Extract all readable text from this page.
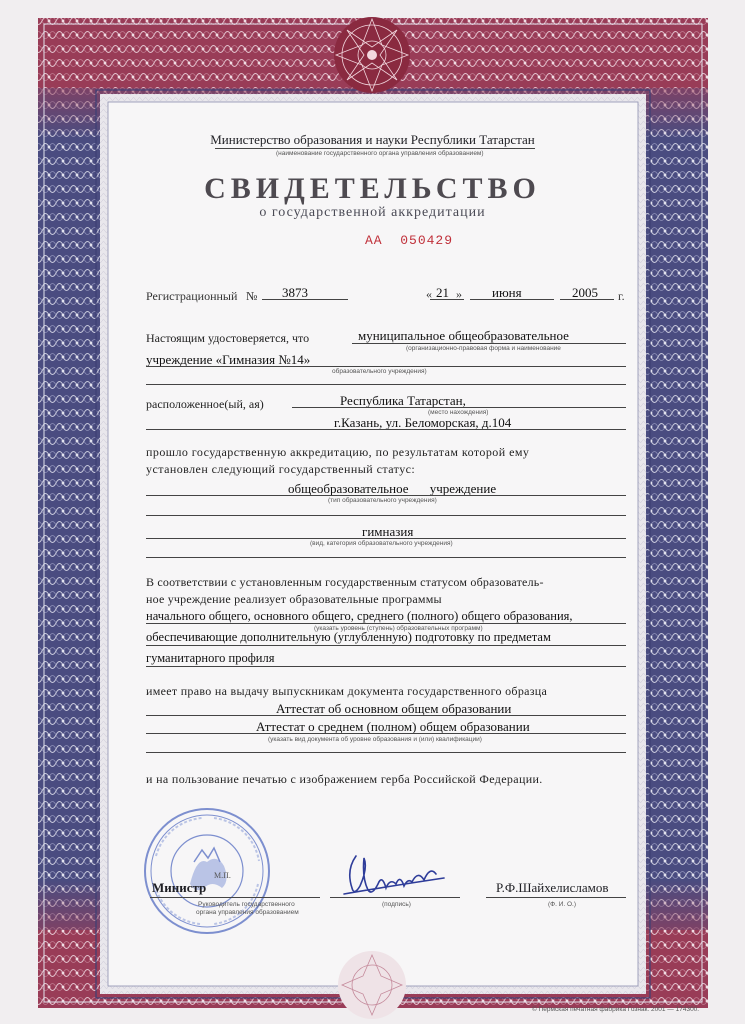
Министерство образования и науки Республики Татарстан
(наименование государственного органа управления образованием)
СВИДЕТЕЛЬСТВО
о государственной аккредитации
АА 050429
Регистрационный № 3873	« 21 » июня	2005 г.
Настоящим удостоверяется, что	муниципальное общеобразовательное
(организационно-правовая форма и наименование
учреждение «Гимназия №14»
образовательного учреждения)
расположенное(ый, ая)	Республика Татарстан,
(место нахождения)
г.Казань, ул. Беломорская, д.104
прошло государственную аккредитацию, по результатам которой ему
установлен следующий государственный статус:
общеобразовательное учреждение
(тип образовательного учреждения)
гимназия
(вид, категория образовательного учреждения)
В соответствии с установленным государственным статусом образователь-
ное учреждение реализует образовательные программы
начального общего, основного общего, среднего (полного) общего образования,
(указать уровень (ступень) образовательных программ)
обеспечивающие дополнительную (углубленную) подготовку по предметам
гуманитарного профиля
имеет право на выдачу выпускникам документа государственного образца
Аттестат об основном общем образовании
Аттестат о среднем (полном) общем образовании
(указать вид документа об уровне образования и (или) квалификации)
и на пользование печатью с изображением герба Российской Федерации.
Министр
М.П.
Руководитель государственного
органа управления образованием
(подпись)
Р.Ф.Шайхелисламов
(Ф. И. О.)
© Пермская печатная фабрика Гознак. 2001 — 174300.
